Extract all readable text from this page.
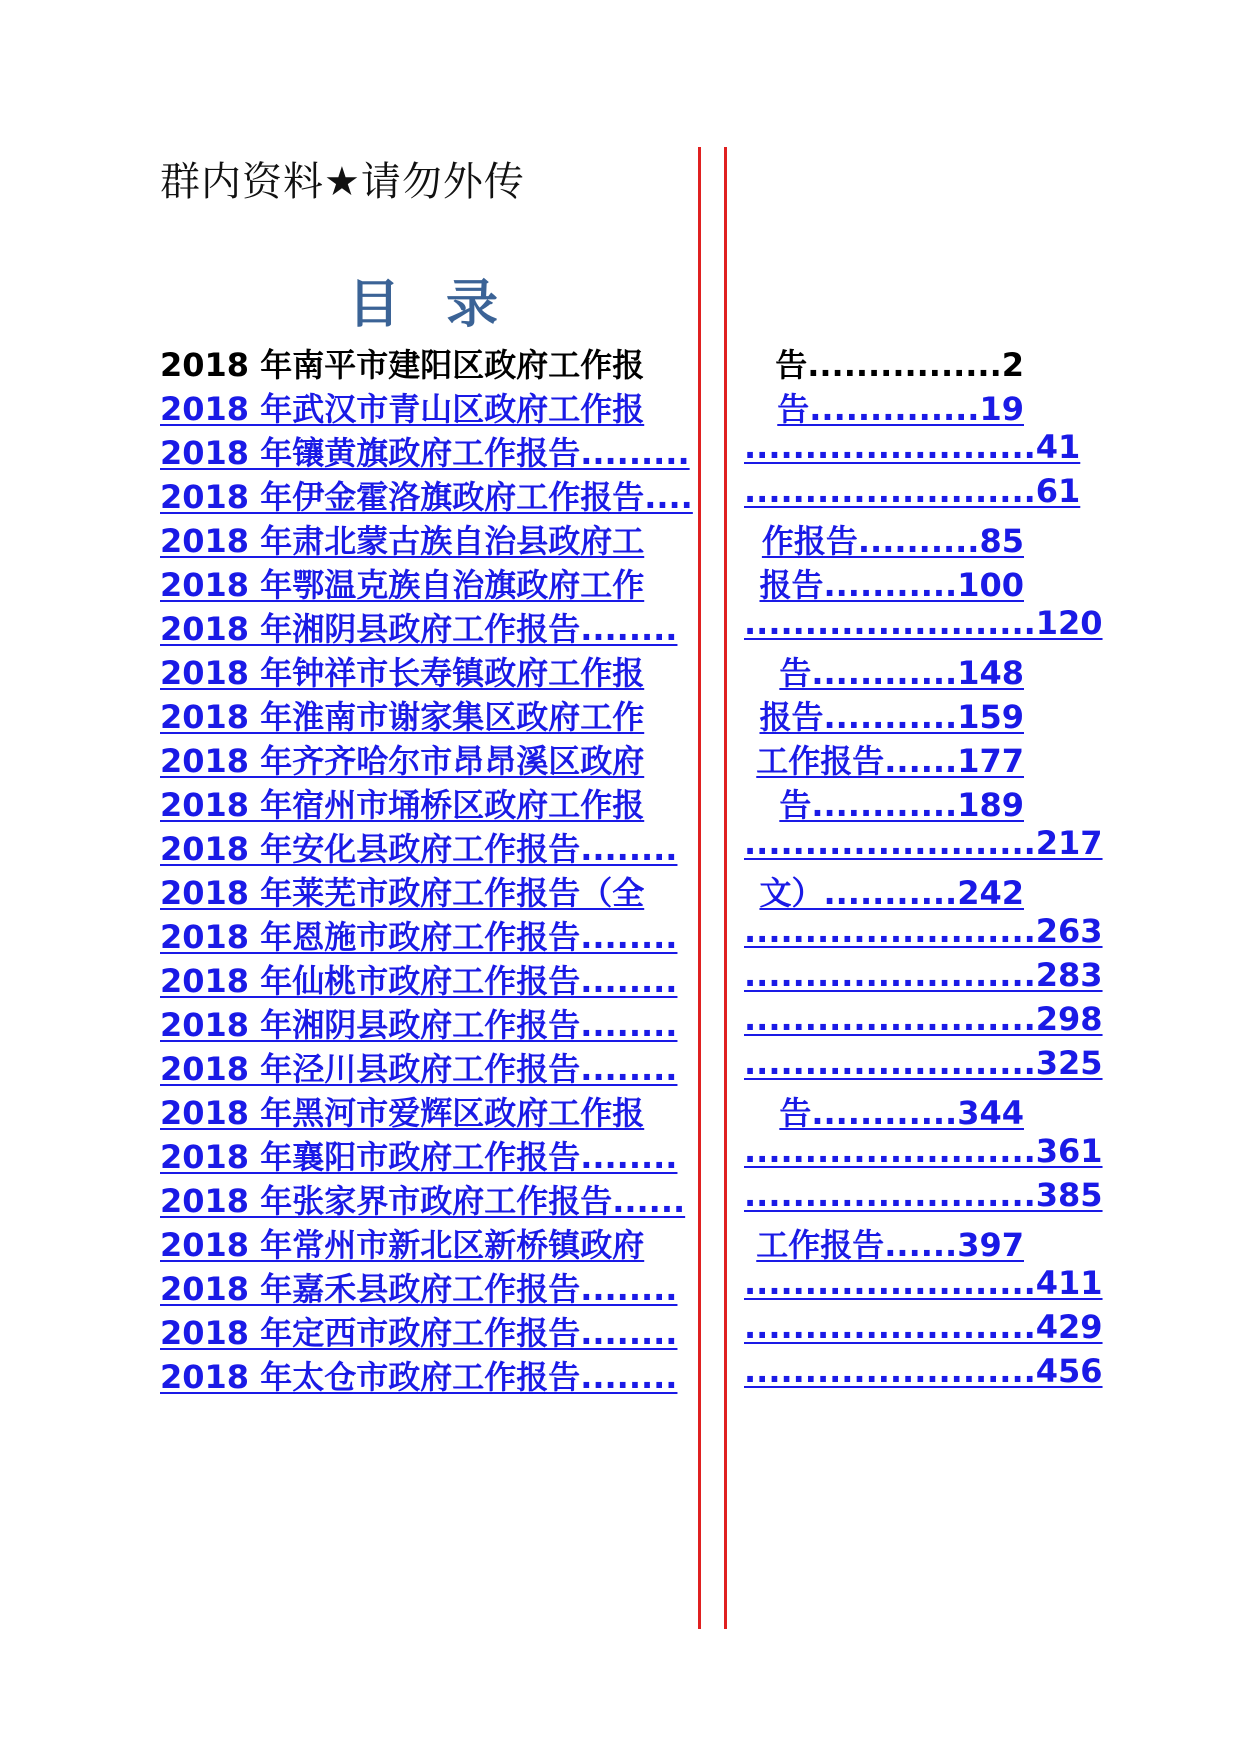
群内资料★请勿外传
目 录
2018 年南平市建阳区政府工作报	告................2
2018 年武汉市青山区政府工作报	告..............19
2018 年镶黄旗政府工作报告......... ........................41
2018 年伊金霍洛旗政府工作报告.... ........................61
2018 年肃北蒙古族自治县政府工	作报告..........85
2018 年鄂温克族自治旗政府工作	报告...........100
2018 年湘阴县政府工作报告........	........................120
2018 年钟祥市长寿镇政府工作报	告............148
2018 年淮南市谢家集区政府工作	报告...........159
2018 年齐齐哈尔市昂昂溪区政府	工作报告......177
2018 年宿州市埇桥区政府工作报	告............189
2018 年安化县政府工作报告........	........................217
2018 年莱芜市政府工作报告（全	文）...........242
2018 年恩施市政府工作报告........	........................263
2018 年仙桃市政府工作报告........	........................283
2018 年湘阴县政府工作报告........	........................298
2018 年泾川县政府工作报告........	........................325
2018 年黑河市爱辉区政府工作报	告............344
2018 年襄阳市政府工作报告........	........................361
2018 年张家界市政府工作报告......	........................385
2018 年常州市新北区新桥镇政府	工作报告......397
2018 年嘉禾县政府工作报告........	........................411
2018 年定西市政府工作报告........	........................429
2018 年太仓市政府工作报告........	........................456
